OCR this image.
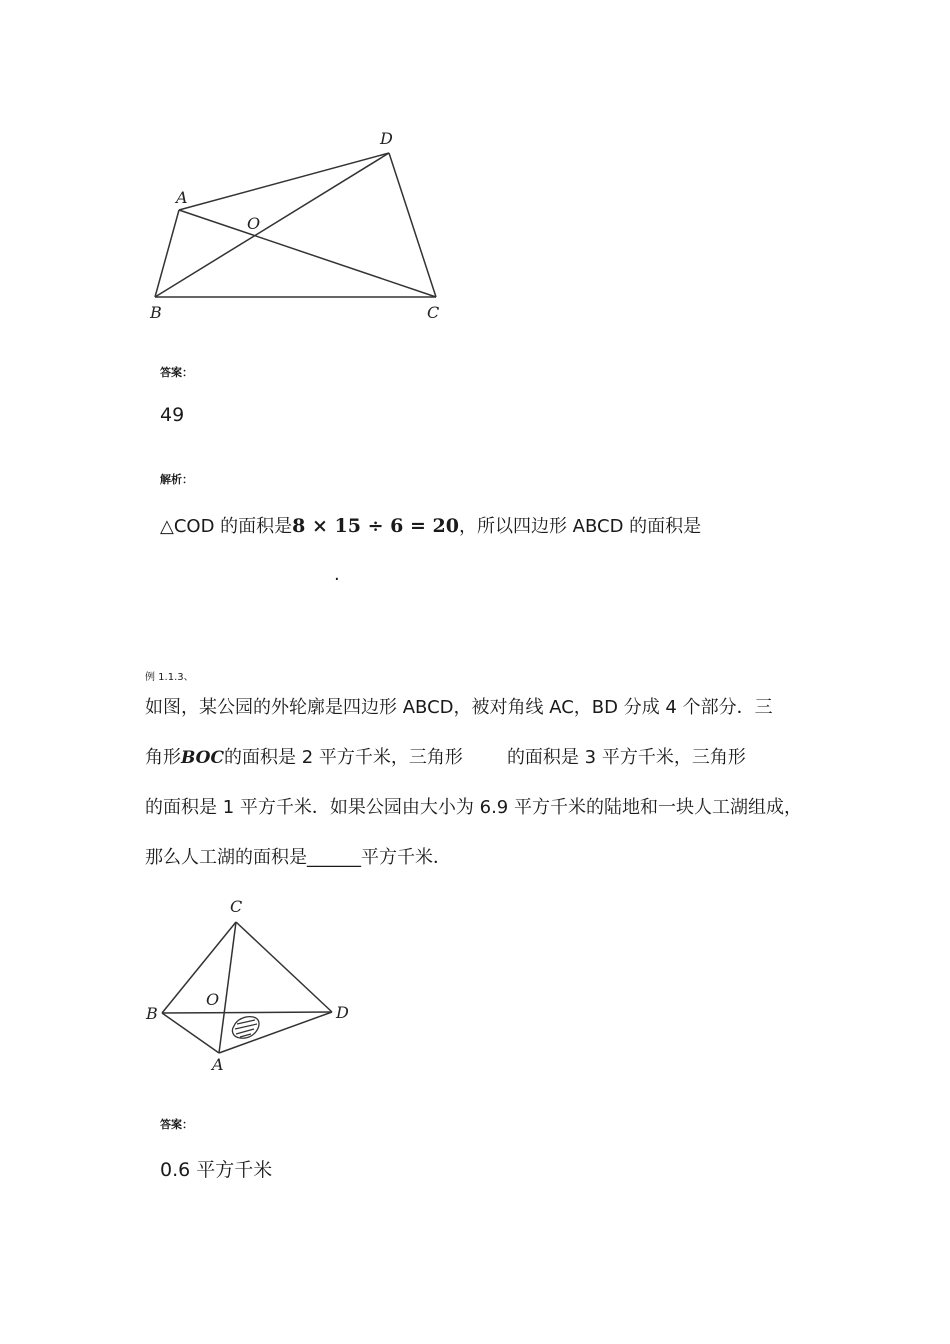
A
B	C
D
O
答案：
49
解析：
△COD 的面积是8 × 15 ÷ 6 = 20，所以四边形 ABCD 的面积是
.
例 1.1.3、
如图，某公园的外轮廓是四边形 ABCD，被对角线 AC，BD 分成 4 个部分．三
角形BOC的面积是 2 平方千米，三角形 的面积是 3 平方千米，三角形
的面积是 1 平方千米．如果公园由大小为 6.9 平方千米的陆地和一块人工湖组成，
那么人工湖的面积是______平方千米．
C
B	D
A
O
答案：
0.6 平方千米
